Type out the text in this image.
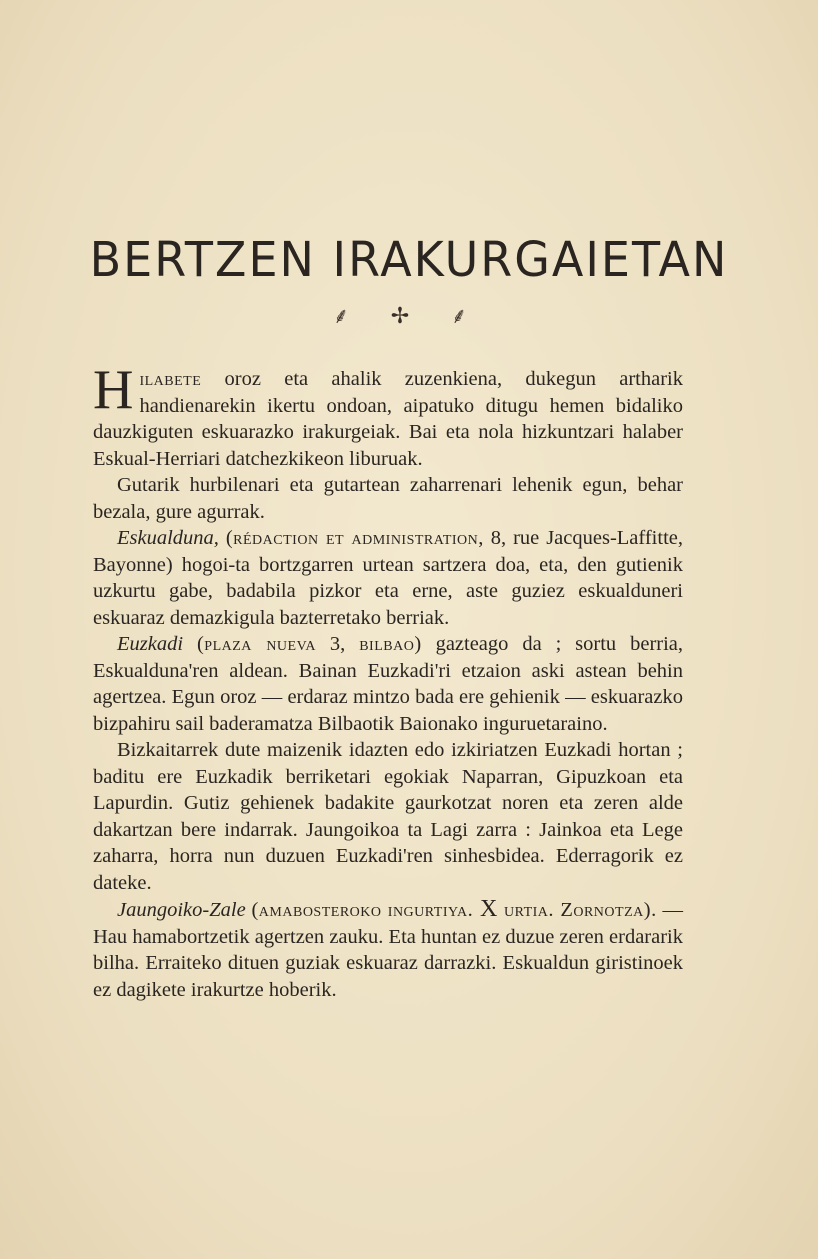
BERTZEN IRAKURGAIETAN
⸙ ✢ ⸙

Hilabete oroz eta ahalik zuzenkiena, dukegun artharik handienarekin ikertu ondoan, aipatuko ditugu hemen bidaliko dauzkiguten eskuarazko irakurgeiak. Bai eta nola hizkuntzari halaber Eskual-Herriari datchezkikeon liburuak.

Gutarik hurbilenari eta gutartean zaharrenari lehenik egun, behar bezala, gure agurrak.

Eskualduna, (rédaction et administration, 8, rue Jacques-Laffitte, Bayonne) hogoi-ta bortzgarren urtean sartzera doa, eta, den gutienik uzkurtu gabe, badabila pizkor eta erne, aste guziez eskualduneri eskuaraz demazkigula bazterretako berriak.

Euzkadi (plaza nueva 3, bilbao) gazteago da ; sortu berria, Eskualduna'ren aldean. Bainan Euzkadi'ri etzaion aski astean behin agertzea. Egun oroz — erdaraz mintzo bada ere gehienik — eskuarazko bizpahiru sail baderamatza Bilbaotik Baionako inguruetaraino.

Bizkaitarrek dute maizenik idazten edo izkiriatzen Euzkadi hortan ; baditu ere Euzkadik berriketari egokiak Naparran, Gipuzkoan eta Lapurdin. Gutiz gehienek badakite gaurkotzat noren eta zeren alde dakartzan bere indarrak. Jaungoikoa ta Lagi zarra : Jainkoa eta Lege zaharra, horra nun duzuen Euzkadi'ren sinhesbidea. Ederragorik ez dateke.

Jaungoiko-Zale (amabosteroko ingurtiya. X urtia. Zornotza). — Hau hamabortzetik agertzen zauku. Eta huntan ez duzue zeren erdararik bilha. Erraiteko dituen guziak eskuaraz darrazki. Eskualdun giristinoek ez dagikete irakurtze hoberik.
